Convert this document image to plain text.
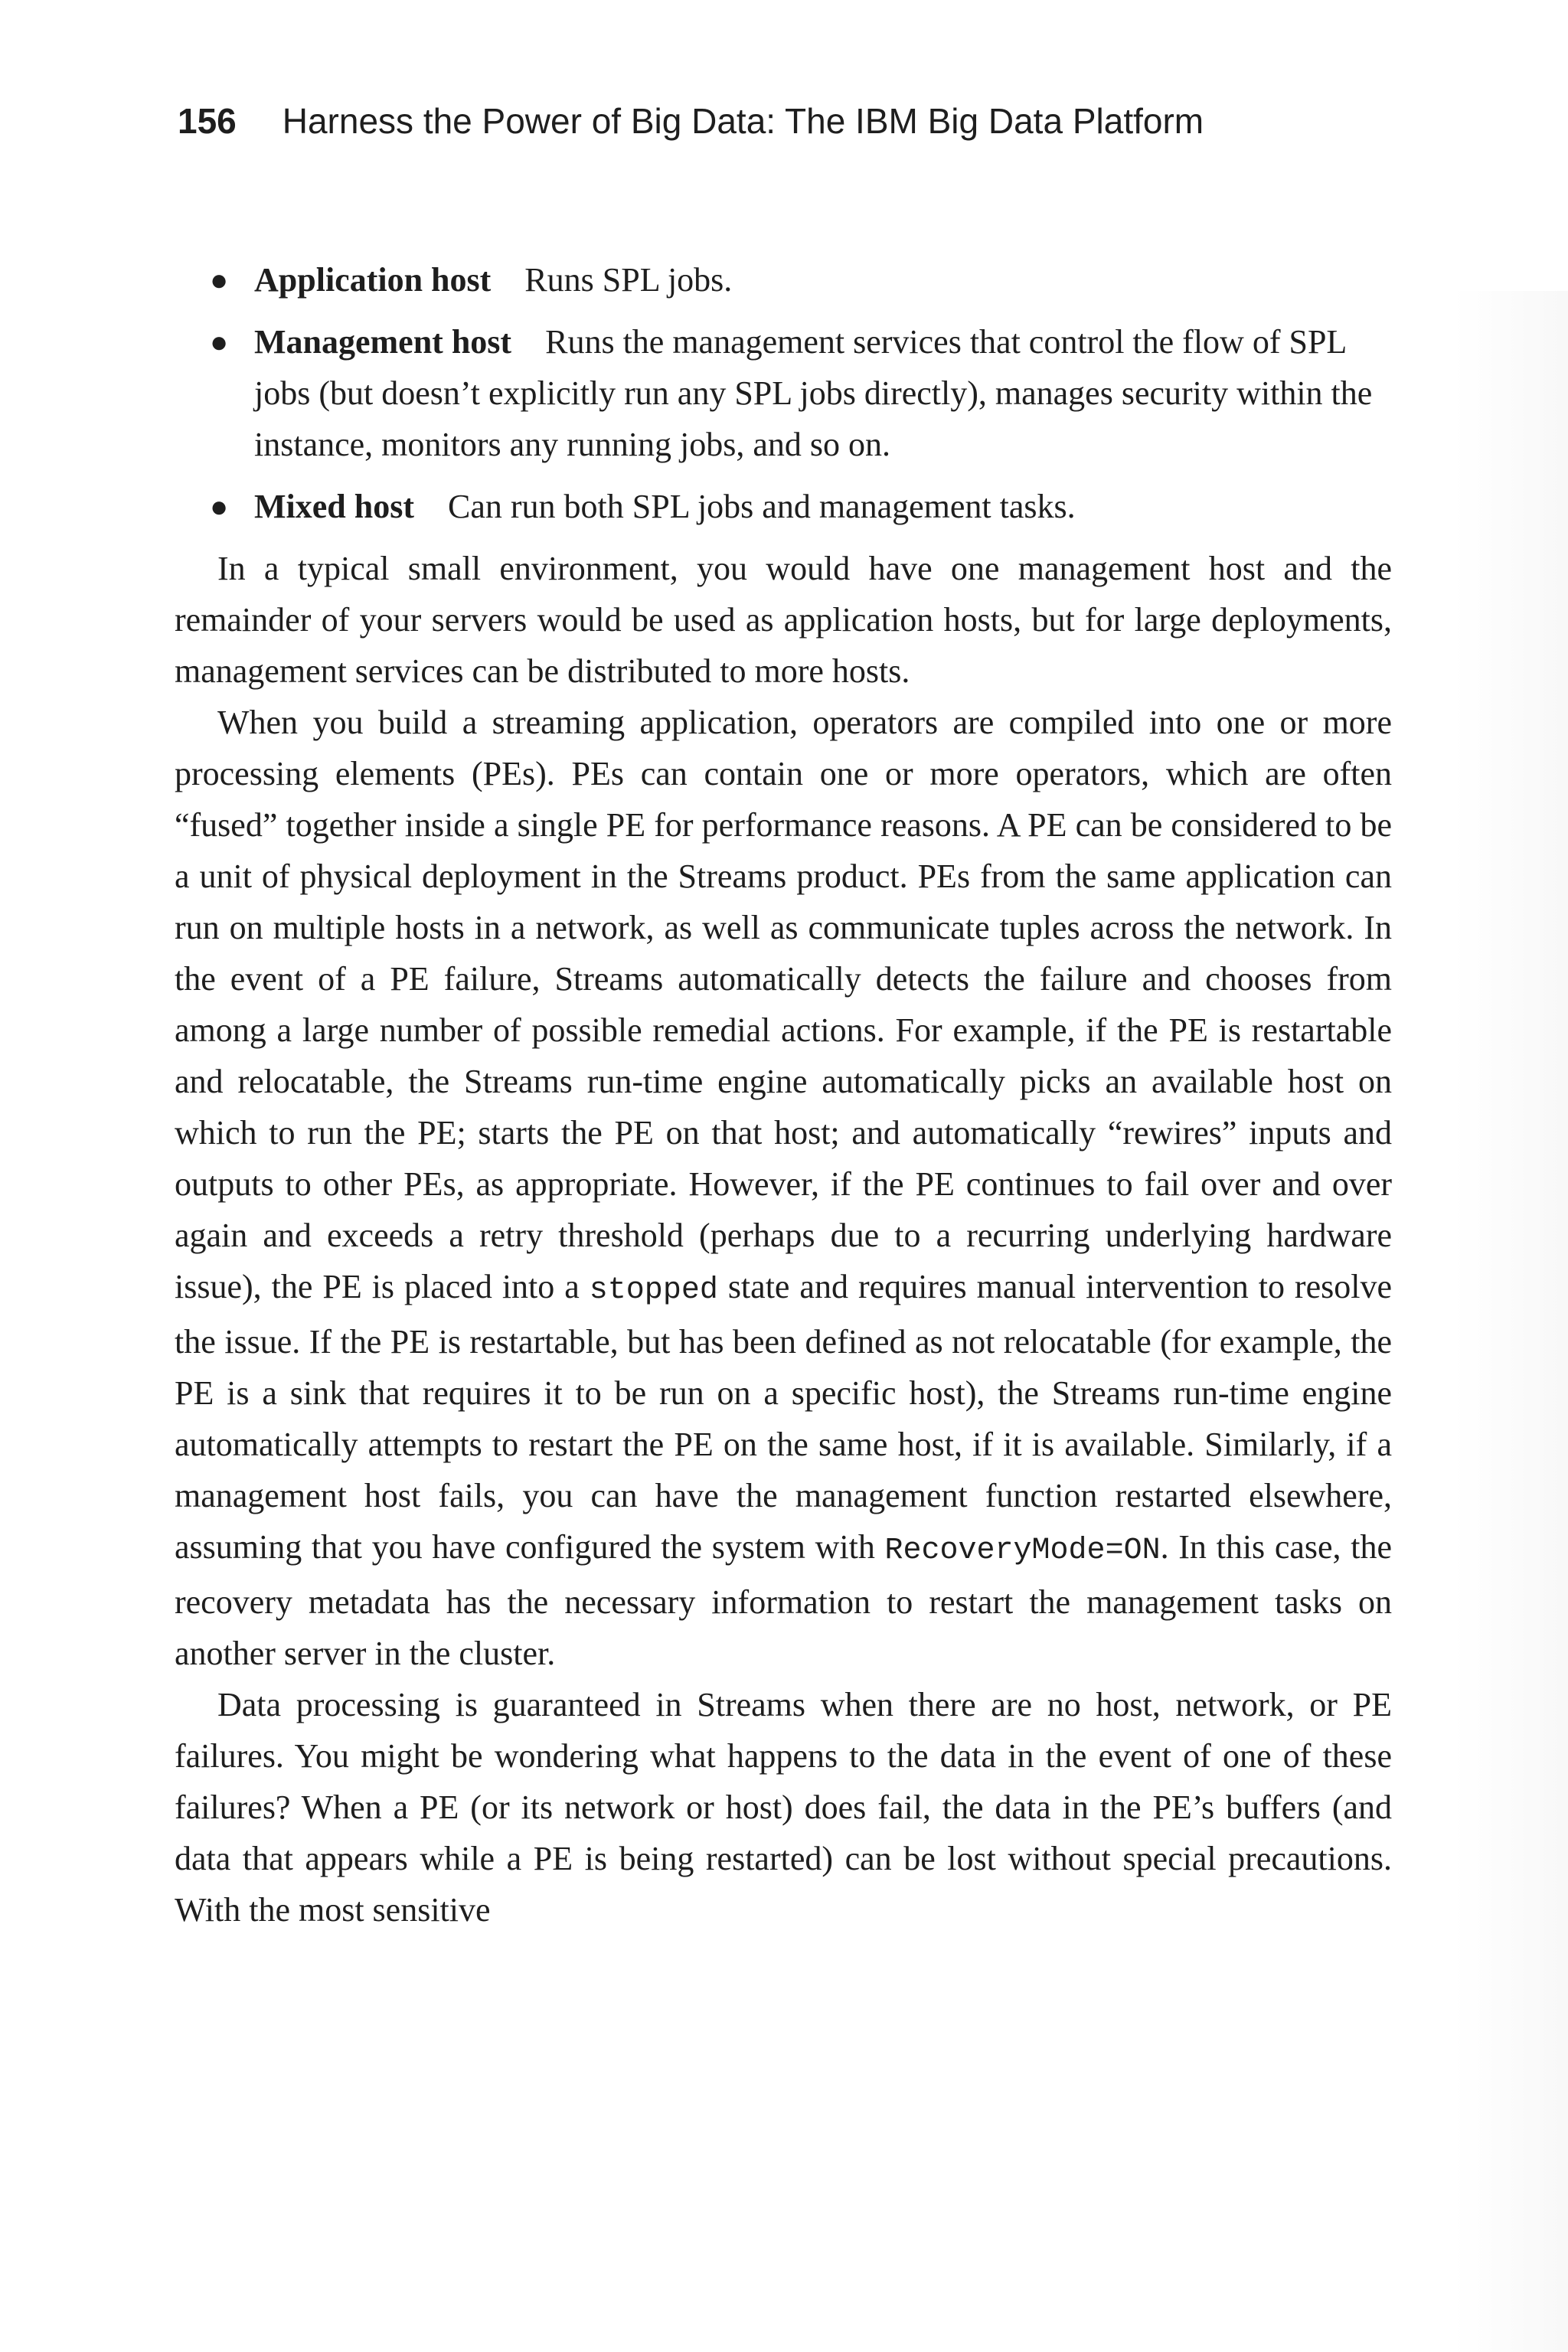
156 Harness the Power of Big Data: The IBM Big Data Platform
● Application host Runs SPL jobs.
● Management host Runs the management services that control the flow of SPL jobs (but doesn’t explicitly run any SPL jobs directly), manages security within the instance, monitors any running jobs, and so on.
● Mixed host Can run both SPL jobs and management tasks.

In a typical small environment, you would have one management host and the remainder of your servers would be used as application hosts, but for large deployments, management services can be distributed to more hosts.

When you build a streaming application, operators are compiled into one or more processing elements (PEs). PEs can contain one or more operators, which are often “fused” together inside a single PE for performance reasons. A PE can be considered to be a unit of physical deployment in the Streams product. PEs from the same application can run on multiple hosts in a network, as well as communicate tuples across the network. In the event of a PE failure, Streams automatically detects the failure and chooses from among a large number of possible remedial actions. For example, if the PE is restartable and relocatable, the Streams run-time engine automatically picks an available host on which to run the PE; starts the PE on that host; and automatically “rewires” inputs and outputs to other PEs, as appropriate. However, if the PE continues to fail over and over again and exceeds a retry threshold (perhaps due to a recurring underlying hardware issue), the PE is placed into a stopped state and requires manual intervention to resolve the issue. If the PE is restartable, but has been defined as not relocatable (for example, the PE is a sink that requires it to be run on a specific host), the Streams run-time engine automatically attempts to restart the PE on the same host, if it is available. Similarly, if a management host fails, you can have the management function restarted elsewhere, assuming that you have configured the system with RecoveryMode=ON. In this case, the recovery metadata has the necessary information to restart the management tasks on another server in the cluster.

Data processing is guaranteed in Streams when there are no host, network, or PE failures. You might be wondering what happens to the data in the event of one of these failures? When a PE (or its network or host) does fail, the data in the PE’s buffers (and data that appears while a PE is being restarted) can be lost without special precautions. With the most sensitive
